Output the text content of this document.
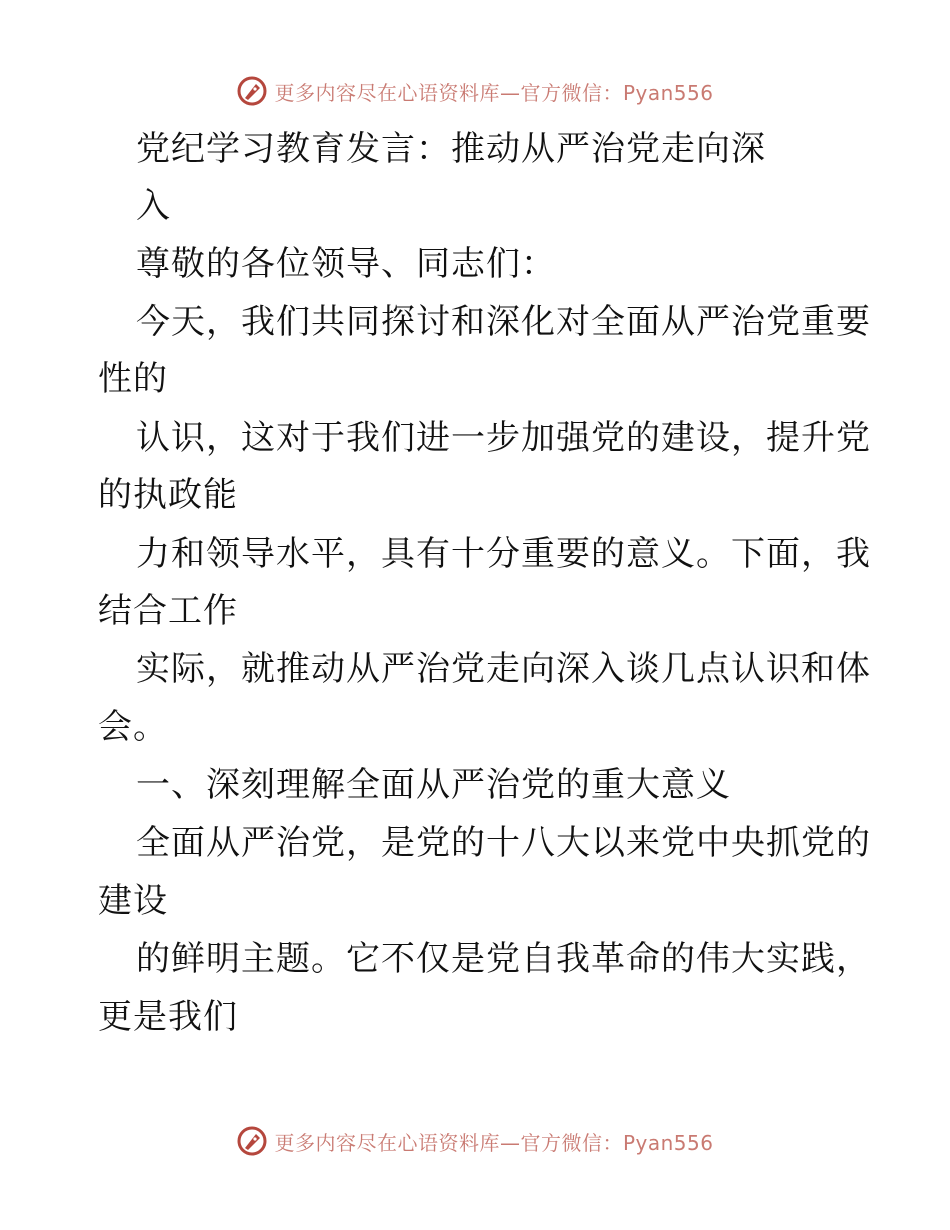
更多内容尽在心语资料库—官方微信：Pyan556
党纪学习教育发言：推动从严治党走向深
入
尊敬的各位领导、同志们：
今天，我们共同探讨和深化对全面从严治党重要
性的
认识，这对于我们进一步加强党的建设，提升党
的执政能
力和领导水平，具有十分重要的意义。下面，我
结合工作
实际，就推动从严治党走向深入谈几点认识和体
会。
一、深刻理解全面从严治党的重大意义
全面从严治党，是党的十八大以来党中央抓党的
建设
的鲜明主题。它不仅是党自我革命的伟大实践，
更是我们
更多内容尽在心语资料库—官方微信：Pyan556
